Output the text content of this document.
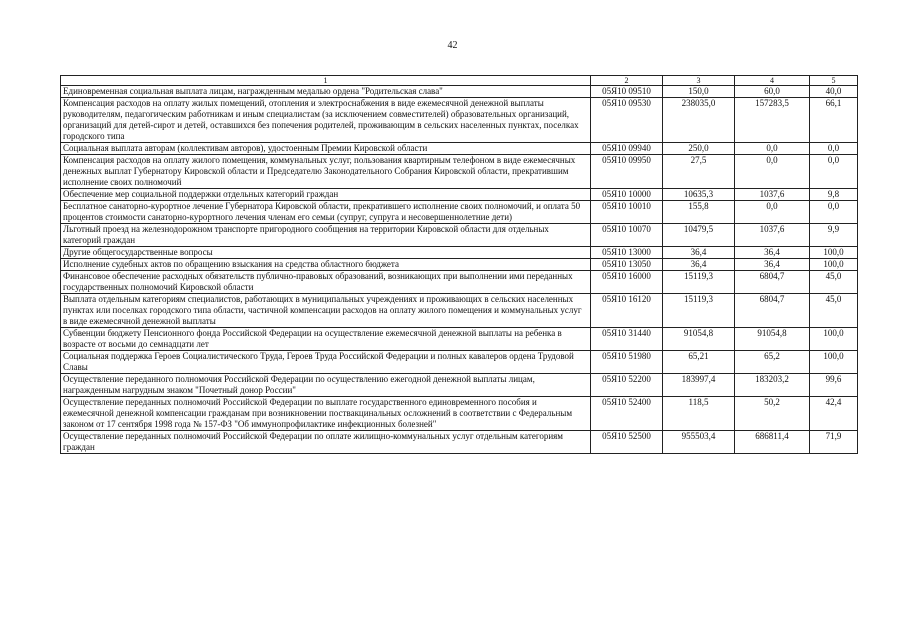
42
1	2	3	4	5
Единовременная социальная выплата лицам, награжденным медалью ордена "Родительская слава"	05Я10 09510	150,0	60,0	40,0
Компенсация расходов на оплату жилых помещений, отопления и электроснабжения в виде ежемесячной денежной выплаты руководителям, педагогическим работникам и иным специалистам (за исключением совместителей) образовательных организаций, организаций для детей-сирот и детей, оставшихся без попечения родителей, проживающим в сельских населенных пунктах, поселках городского типа	05Я10 09530	238035,0	157283,5	66,1
Социальная выплата авторам (коллективам авторов), удостоенным Премии Кировской области	05Я10 09940	250,0	0,0	0,0
Компенсация расходов на оплату жилого помещения, коммунальных услуг, пользования квартирным телефоном в виде ежемесячных денежных выплат Губернатору Кировской области и Председателю Законодательного Собрания Кировской области, прекратившим исполнение своих полномочий	05Я10 09950	27,5	0,0	0,0
Обеспечение мер социальной поддержки отдельных категорий граждан	05Я10 10000	10635,3	1037,6	9,8
Бесплатное санаторно-курортное лечение Губернатора Кировской области, прекратившего исполнение своих полномочий, и оплата 50 процентов стоимости санаторно-курортного лечения членам его семьи (супруг, супруга и несовершеннолетние дети)	05Я10 10010	155,8	0,0	0,0
Льготный проезд на железнодорожном транспорте пригородного сообщения на территории Кировской области для отдельных категорий граждан	05Я10 10070	10479,5	1037,6	9,9
Другие общегосударственные вопросы	05Я10 13000	36,4	36,4	100,0
Исполнение судебных актов по обращению взыскания на средства областного бюджета	05Я10 13050	36,4	36,4	100,0
Финансовое обеспечение расходных обязательств публично-правовых образований, возникающих при выполнении ими переданных государственных полномочий Кировской области	05Я10 16000	15119,3	6804,7	45,0
Выплата отдельным категориям специалистов, работающих в муниципальных учреждениях и проживающих в сельских населенных пунктах или поселках городского типа области, частичной компенсации расходов на оплату жилого помещения и коммунальных услуг в виде ежемесячной денежной выплаты	05Я10 16120	15119,3	6804,7	45,0
Субвенции бюджету Пенсионного фонда Российской Федерации на осуществление ежемесячной денежной выплаты на ребенка в возрасте от восьми до семнадцати лет	05Я10 31440	91054,8	91054,8	100,0
Социальная поддержка Героев Социалистического Труда, Героев Труда Российской Федерации и полных кавалеров ордена Трудовой Славы	05Я10 51980	65,21	65,2	100,0
Осуществление переданного полномочия Российской Федерации по осуществлению ежегодной денежной выплаты лицам, награжденным нагрудным знаком "Почетный донор России"	05Я10 52200	183997,4	183203,2	99,6
Осуществление переданных полномочий Российской Федерации по выплате государственного единовременного пособия и ежемесячной денежной компенсации гражданам при возникновении поствакцинальных осложнений в соответствии с Федеральным законом от 17 сентября 1998 года № 157-ФЗ "Об иммунопрофилактике инфекционных болезней"	05Я10 52400	118,5	50,2	42,4
Осуществление переданных полномочий Российской Федерации по оплате жилищно-коммунальных услуг отдельным категориям граждан	05Я10 52500	955503,4	686811,4	71,9
